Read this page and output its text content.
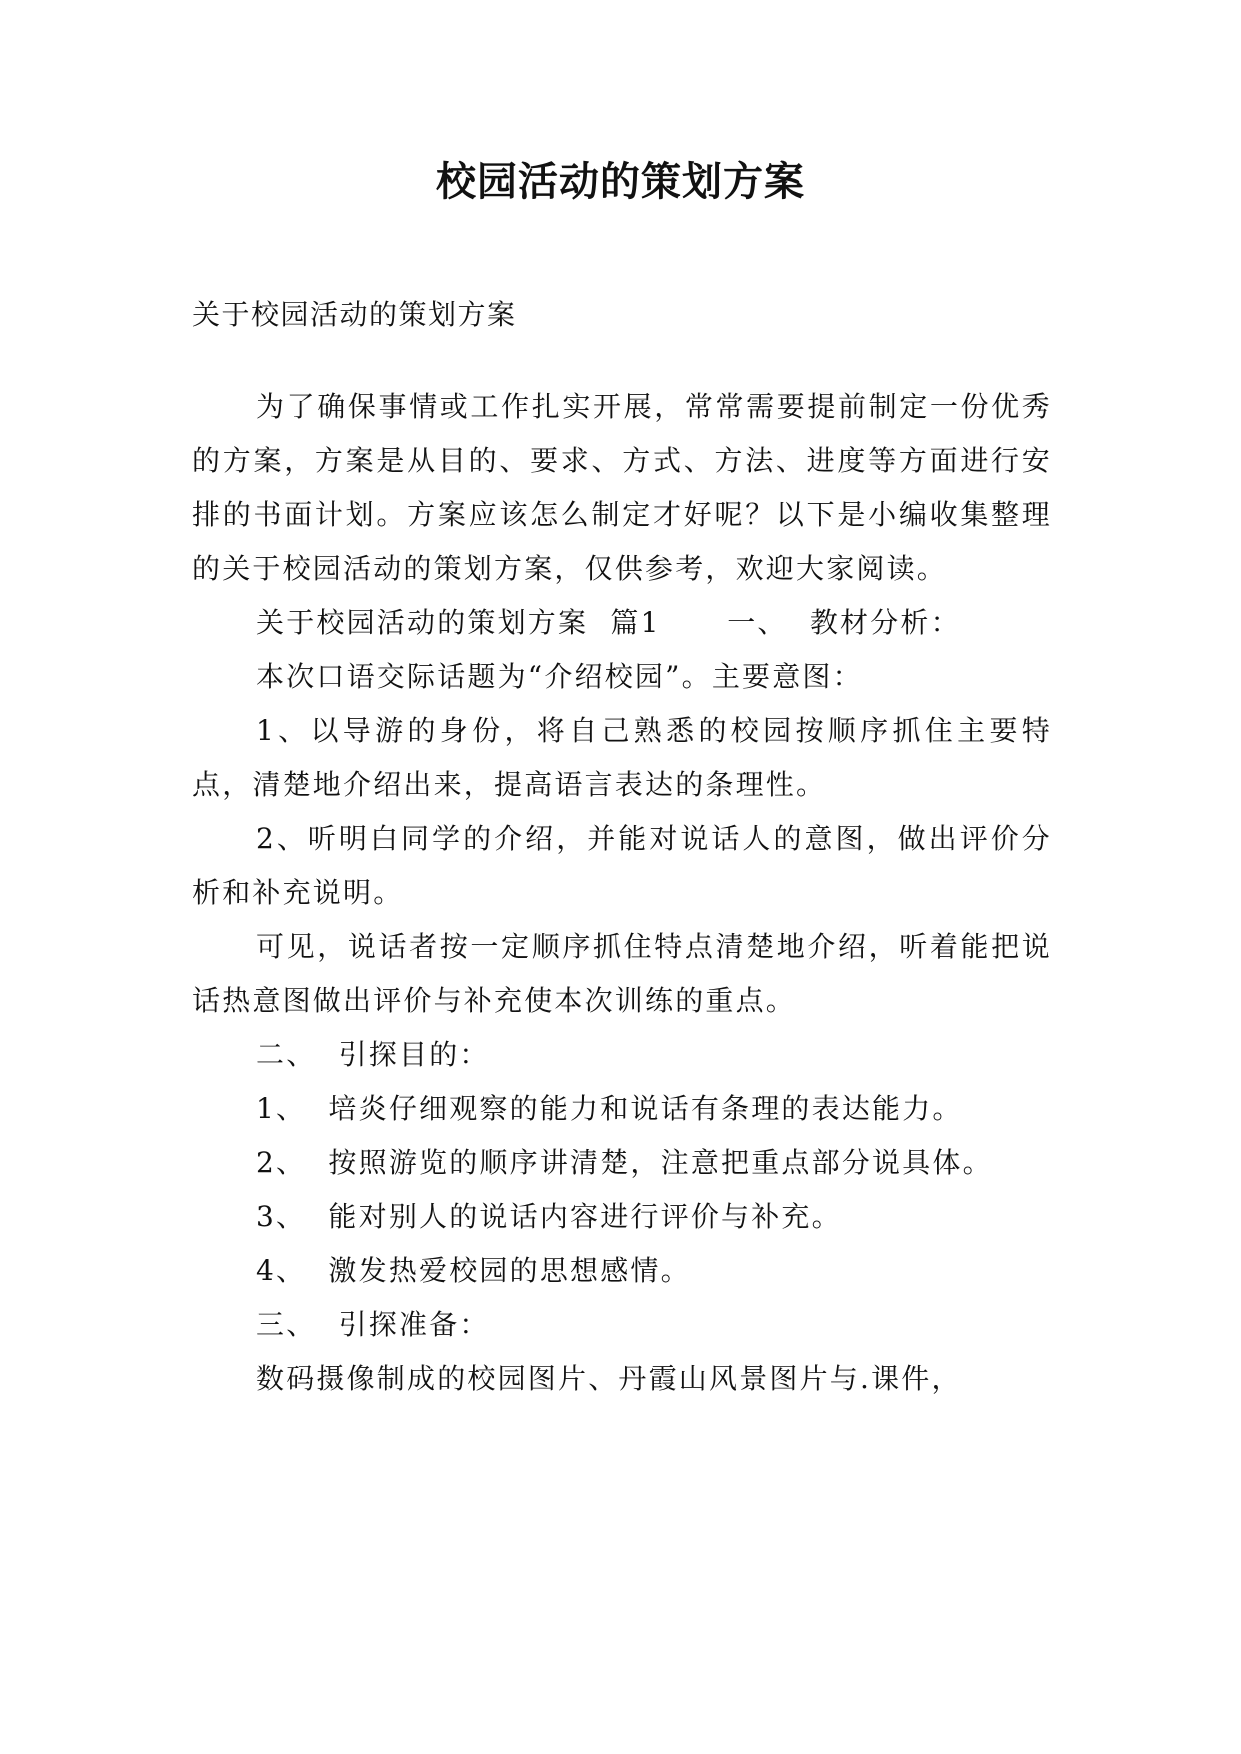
校园活动的策划方案

关于校园活动的策划方案

为了确保事情或工作扎实开展，常常需要提前制定一份优秀的方案，方案是从目的、要求、方式、方法、进度等方面进行安排的书面计划。方案应该怎么制定才好呢？以下是小编收集整理的关于校园活动的策划方案，仅供参考，欢迎大家阅读。

关于校园活动的策划方案  篇1      一、  教材分析：

本次口语交际话题为“介绍校园”。主要意图：

1、以导游的身份，将自己熟悉的校园按顺序抓住主要特点，清楚地介绍出来，提高语言表达的条理性。

2、听明白同学的介绍，并能对说话人的意图，做出评价分析和补充说明。

可见，说话者按一定顺序抓住特点清楚地介绍，听着能把说话热意图做出评价与补充使本次训练的重点。

二、  引探目的：

1、  培炎仔细观察的能力和说话有条理的表达能力。

2、  按照游览的顺序讲清楚，注意把重点部分说具体。

3、  能对别人的说话内容进行评价与补充。

4、  激发热爱校园的思想感情。

三、  引探准备：

数码摄像制成的校园图片、丹霞山风景图片与.课件，
